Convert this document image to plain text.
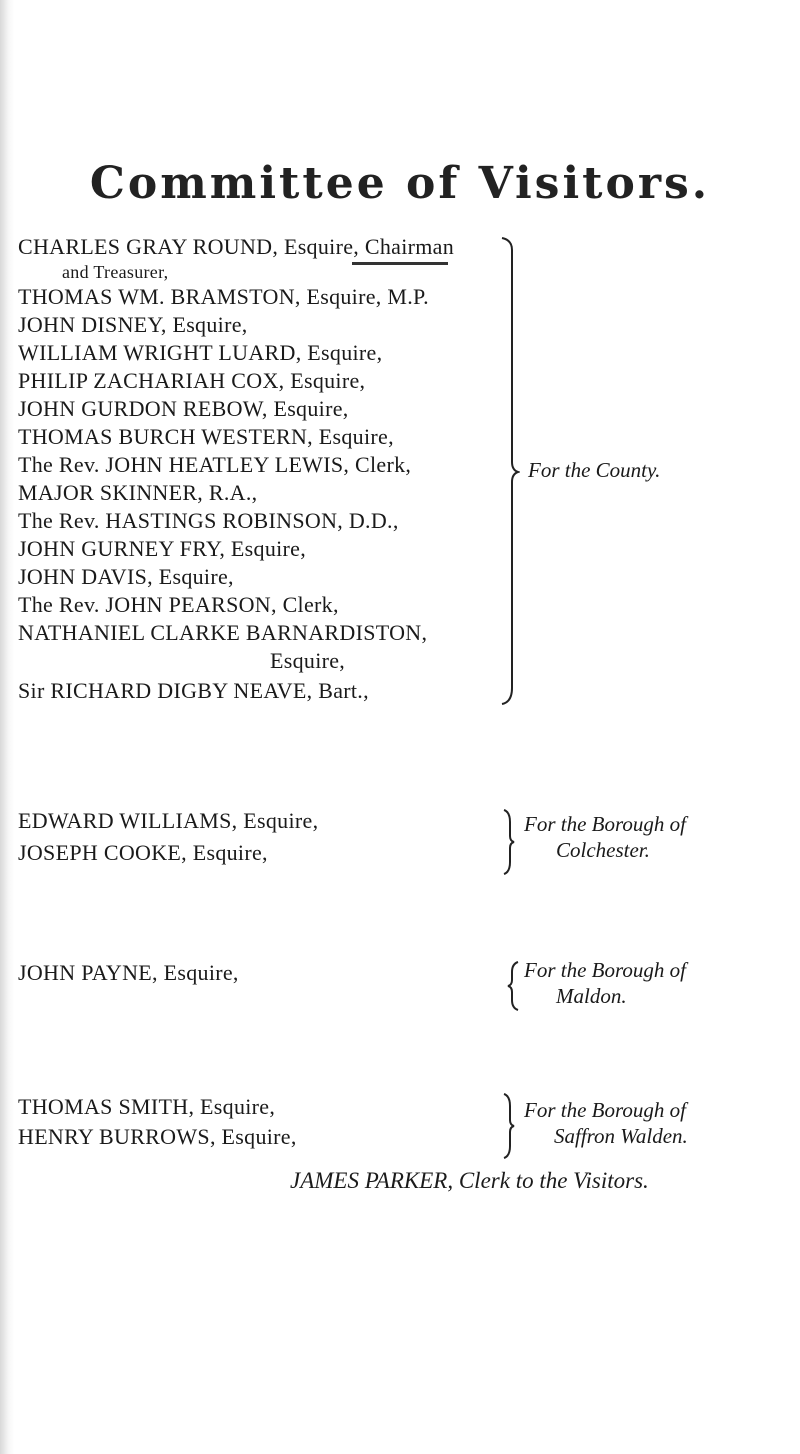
Committee of Visitors.
CHARLES GRAY ROUND, Esquire, Chairman
and Treasurer,
THOMAS WM. BRAMSTON, Esquire, M.P.
JOHN DISNEY, Esquire,
WILLIAM WRIGHT LUARD, Esquire,
PHILIP ZACHARIAH COX, Esquire,
JOHN GURDON REBOW, Esquire,
THOMAS BURCH WESTERN, Esquire,
The Rev. JOHN HEATLEY LEWIS, Clerk,
MAJOR SKINNER, R.A.,
The Rev. HASTINGS ROBINSON, D.D.,
JOHN GURNEY FRY, Esquire,
JOHN DAVIS, Esquire,
The Rev. JOHN PEARSON, Clerk,
NATHANIEL CLARKE BARNARDISTON,
Esquire,
Sir RICHARD DIGBY NEAVE, Bart.,
For the County.
EDWARD WILLIAMS, Esquire,
JOSEPH COOKE, Esquire,
For the Borough of
Colchester.
JOHN PAYNE, Esquire,	For the Borough of
Maldon.
THOMAS SMITH, Esquire,
HENRY BURROWS, Esquire,
For the Borough of
Saffron Walden.
JAMES PARKER, Clerk to the Visitors.
